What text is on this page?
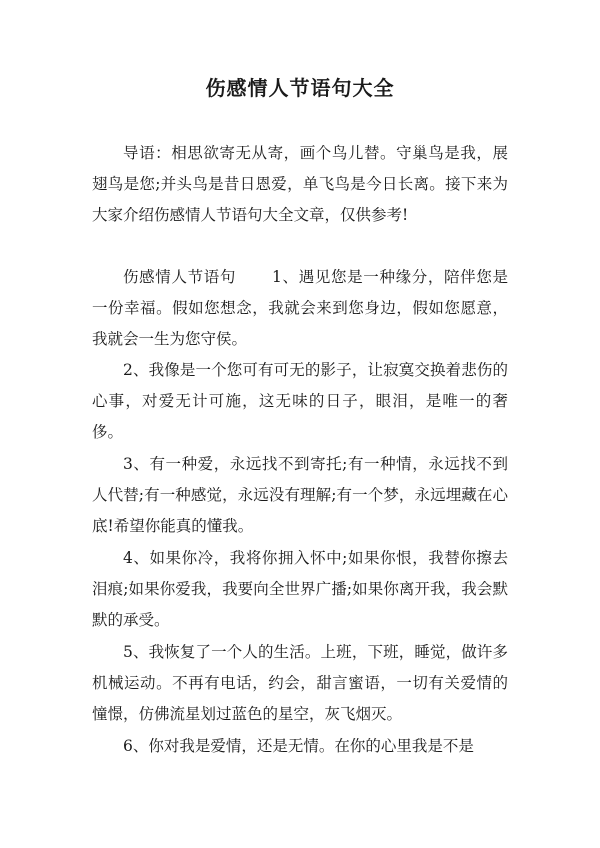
伤感情人节语句大全

导语：相思欲寄无从寄，画个鸟儿替。守巢鸟是我，展翅鸟是您;并头鸟是昔日恩爱，单飞鸟是今日长离。接下来为大家介绍伤感情人节语句大全文章，仅供参考!

伤感情人节语句 1、遇见您是一种缘分，陪伴您是一份幸福。假如您想念，我就会来到您身边，假如您愿意，我就会一生为您守侯。

2、我像是一个您可有可无的影子，让寂寞交换着悲伤的心事，对爱无计可施，这无味的日子，眼泪，是唯一的奢侈。

3、有一种爱，永远找不到寄托;有一种情，永远找不到人代替;有一种感觉，永远没有理解;有一个梦，永远埋藏在心底!希望你能真的懂我。

4、如果你冷，我将你拥入怀中;如果你恨，我替你擦去泪痕;如果你爱我，我要向全世界广播;如果你离开我，我会默默的承受。

5、我恢复了一个人的生活。上班，下班，睡觉，做许多机械运动。不再有电话，约会，甜言蜜语，一切有关爱情的憧憬，仿佛流星划过蓝色的星空，灰飞烟灭。

6、你对我是爱情，还是无情。在你的心里我是不是
